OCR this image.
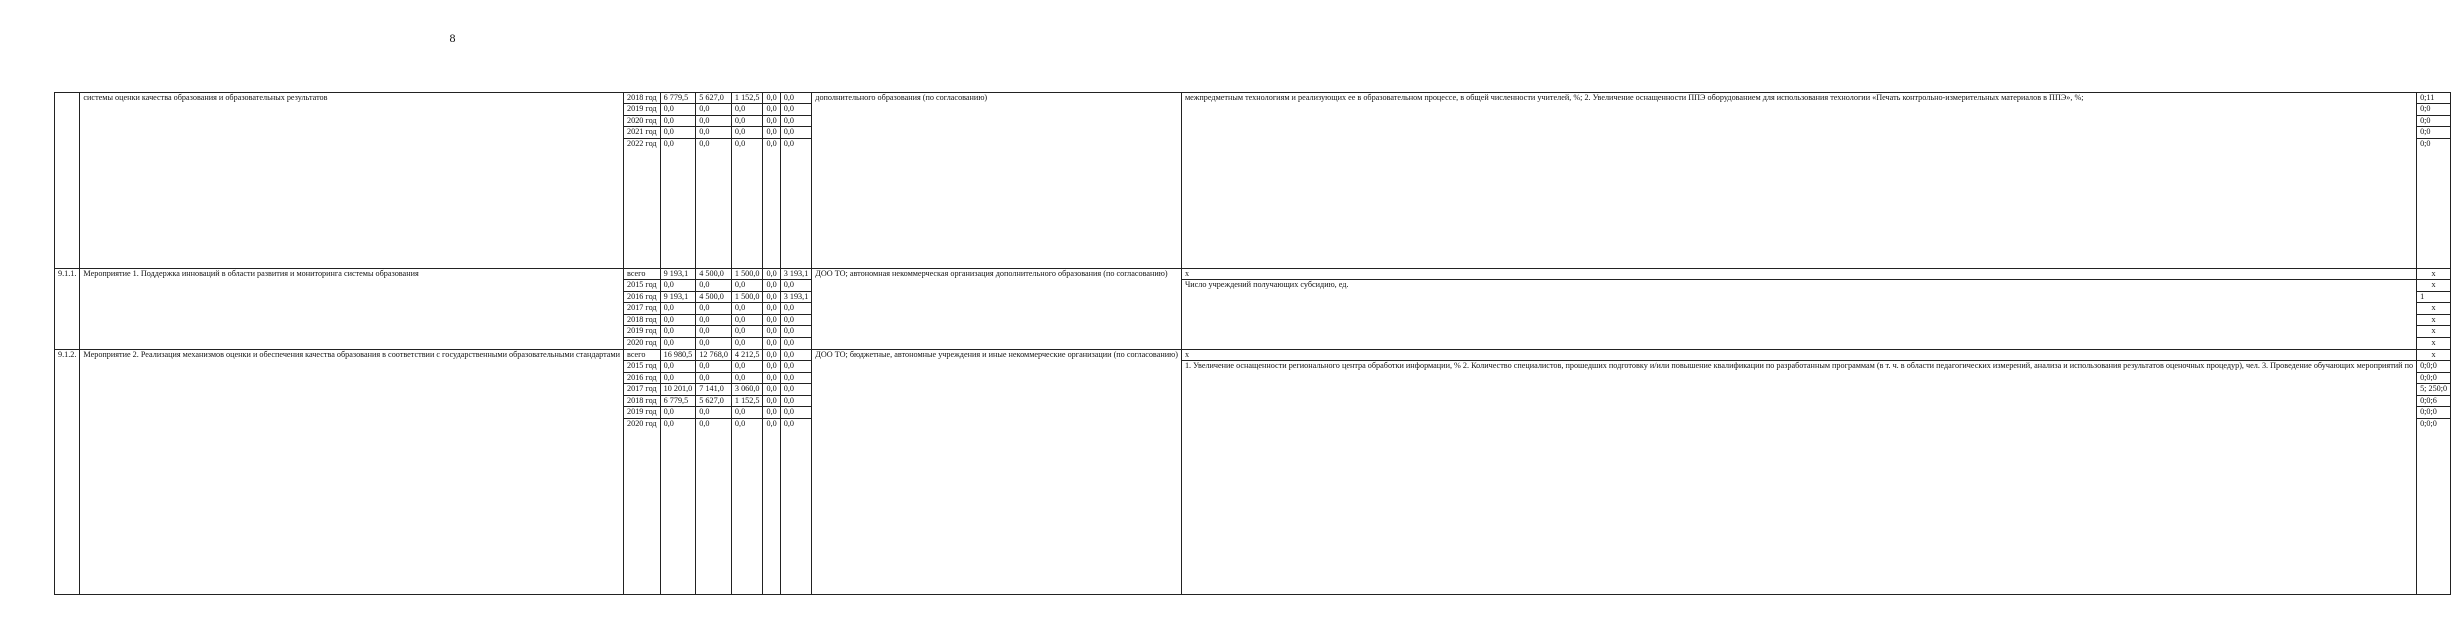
8
	системы оценки качества образования и образовательных результатов	2018 год	6 779,5	5 627,0	1 152,5	0,0	0,0	дополнительного образования (по согласованию)	межпредметным технологиям и реализующих ее в образовательном процессе, в общей численности учителей, %; 2. Увеличение оснащенности ППЭ оборудованием для использования технологии «Печать контрольно-измерительных материалов в ППЭ», %;	0;11
		2019 год	0,0	0,0	0,0	0,0	0,0			0;0
		2020 год	0,0	0,0	0,0	0,0	0,0			0;0
		2021 год	0,0	0,0	0,0	0,0	0,0			0;0
		2022 год	0,0	0,0	0,0	0,0	0,0			0;0
9.1.1.	Мероприятие 1. Поддержка инноваций в области развития и мониторинга системы образования	всего	9 193,1	4 500,0	1 500,0	0,0	3 193,1	ДОО ТО; автономная некоммерческая организация дополнительного образования (по согласованию)	х	х
		2015 год	0,0	0,0	0,0	0,0	0,0		Число учреждений получающих субсидию, ед.	х
		2016 год	9 193,1	4 500,0	1 500,0	0,0	3 193,1			1
		2017 год	0,0	0,0	0,0	0,0	0,0			х
		2018 год	0,0	0,0	0,0	0,0	0,0			х
		2019 год	0,0	0,0	0,0	0,0	0,0			х
		2020 год	0,0	0,0	0,0	0,0	0,0			х
9.1.2.	Мероприятие 2. Реализация механизмов оценки и обеспечения качества образования в соответствии с государственными образовательными стандартами	всего	16 980,5	12 768,0	4 212,5	0,0	0,0	ДОО ТО; бюджетные, автономные учреждения и иные некоммерческие организации (по согласованию)	х	х
		2015 год	0,0	0,0	0,0	0,0	0,0		1. Увеличение оснащенности регионального центра обработки информации, % 2. Количество специалистов, прошедших подготовку и/или повышение квалификации по разработанным программам (в т. ч. в области педагогических измерений, анализа и использования результатов оценочных процедур), чел. 3. Проведение обучающих мероприятий по	0;0;0
		2016 год	0,0	0,0	0,0	0,0	0,0			0;0;0
		2017 год	10 201,0	7 141,0	3 060,0	0,0	0,0			5; 250;0
		2018 год	6 779,5	5 627,0	1 152,5	0,0	0,0			0;0;6
		2019 год	0,0	0,0	0,0	0,0	0,0			0;0;0
		2020 год	0,0	0,0	0,0	0,0	0,0			0;0;0
